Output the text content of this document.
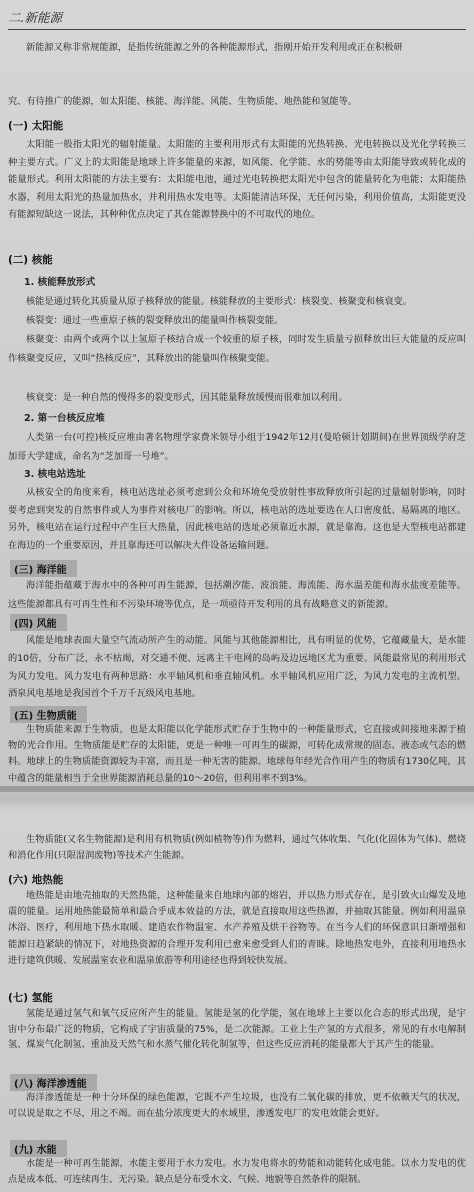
二.新能源

新能源又称非常规能源，是指传统能源之外的各种能源形式，指刚开始开发利用或正在积极研

究、有待推广的能源，如太阳能、核能、海洋能、风能、生物质能、地热能和氢能等。

(一) 太阳能

太阳能一般指太阳光的辐射能量。太阳能的主要利用形式有太阳能的光热转换、光电转换以及光化学转换三种主要方式。广义上的太阳能是地球上许多能量的来源，如风能、化学能、水的势能等由太阳能导致或转化成的能量形式。利用太阳能的方法主要有：太阳能电池，通过光电转换把太阳光中包含的能量转化为电能；太阳能热水器，利用太阳光的热量加热水，并利用热水发电等。太阳能清洁环保，无任何污染，利用价值高，太阳能更没有能源短缺这一说法，其种种优点决定了其在能源替换中的不可取代的地位。

(二) 核能
1. 核能释放形式

核能是通过转化其质量从原子核释放的能量。核能释放的主要形式：核裂变、核聚变和核衰变。

核裂变：通过一些重原子核的裂变释放出的能量叫作核裂变能。

核聚变：由两个或两个以上氢原子核结合成一个较重的原子核，同时发生质量亏损释放出巨大能量的反应叫作核聚变反应，又叫“热核反应”，其释放出的能量叫作核聚变能。

核衰变：是一种自然的慢得多的裂变形式，因其能量释放缓慢而很难加以利用。

2. 第一台核反应堆

人类第一台(可控)核反应堆由著名物理学家费米领导小组于1942年12月(曼哈顿计划期间)在世界顶级学府芝加哥大学建成，命名为“芝加哥一号堆”。

3. 核电站选址

从核安全的角度来看，核电站选址必须考虑到公众和环境免受放射性事故释放所引起的过量辐射影响，同时要考虑到突发的自然事件或人为事件对核电厂的影响。所以，核电站的选址要选在人口密度低、易隔离的地区。另外，核电站在运行过程中产生巨大热量，因此核电站的选址必须靠近水源，就是靠海。这也是大型核电站都建在海边的一个重要原因，并且靠海还可以解决大件设备运输问题。

(三) 海洋能

海洋能指蕴藏于海水中的各种可再生能源，包括潮汐能、波浪能、海流能、海水温差能和海水盐度差能等。这些能源都具有可再生性和不污染环境等优点，是一项亟待开发利用的具有战略意义的新能源。

(四) 风能

风能是地球表面大量空气流动所产生的动能。风能与其他能源相比，具有明显的优势，它蕴藏量大，是水能的10倍，分布广泛，永不枯竭，对交通不便、远离主干电网的岛屿及边远地区尤为重要。风能最常见的利用形式为风力发电。风力发电有两种思路：水平轴风机和垂直轴风机。水平轴风机应用广泛，为风力发电的主流机型。酒泉风电基地是我国首个千万千瓦级风电基地。

(五) 生物质能

生物质能来源于生物质，也是太阳能以化学能形式贮存于生物中的一种能量形式，它直接或间接地来源于植物的光合作用。生物质能是贮存的太阳能，更是一种唯一可再生的碳源，可转化成常规的固态、液态或气态的燃料。地球上的生物质能资源较为丰富，而且是一种无害的能源。地球每年经光合作用产生的物质有1730亿吨，其中蕴含的能量相当于全世界能源消耗总量的10～20倍，但利用率不到3%。

生物质能(又名生物能源)是利用有机物质(例如植物等)作为燃料，通过气体收集、气化(化固体为气体)、燃烧和消化作用(只限湿润废物)等技术产生能源。

(六) 地热能

地热能是由地壳抽取的天然热能，这种能量来自地球内部的熔岩，并以热力形式存在，是引致火山爆发及地震的能量。运用地热能最简单和最合乎成本效益的方法，就是直接取用这些热源，并抽取其能量。例如利用温泉沐浴、医疗，利用地下热水取暖、建造农作物温室、水产养殖及烘干谷物等。在当今人们的环保意识日渐增强和能源日趋紧缺的情况下，对地热资源的合理开发利用已愈来愈受到人们的青睐。除地热发电外，直接利用地热水进行建筑供暖、发展温室农业和温泉旅游等利用途径也得到较快发展。

(七) 氢能

氢能是通过氢气和氧气反应所产生的能量。氢能是氢的化学能，氢在地球上主要以化合态的形式出现，是宇宙中分布最广泛的物质，它构成了宇宙质量的75%，是二次能源。工业上生产氢的方式很多，常见的有水电解制氢、煤炭气化制氢、重油及天然气和水蒸气催化转化制氢等，但这些反应消耗的能量都大于其产生的能量。

(八) 海洋渗透能

海洋渗透能是一种十分环保的绿色能源，它既不产生垃圾，也没有二氧化碳的排放，更不依赖天气的状况，可以说是取之不尽，用之不竭。而在盐分浓度更大的水域里，渗透发电厂的发电效能会更好。

(九) 水能

水能是一种可再生能源，水能主要用于水力发电。水力发电将水的势能和动能转化成电能。以水力发电的优点是成本低、可连续再生、无污染。缺点是分布受水文、气候、地貌等自然条件的限制。
